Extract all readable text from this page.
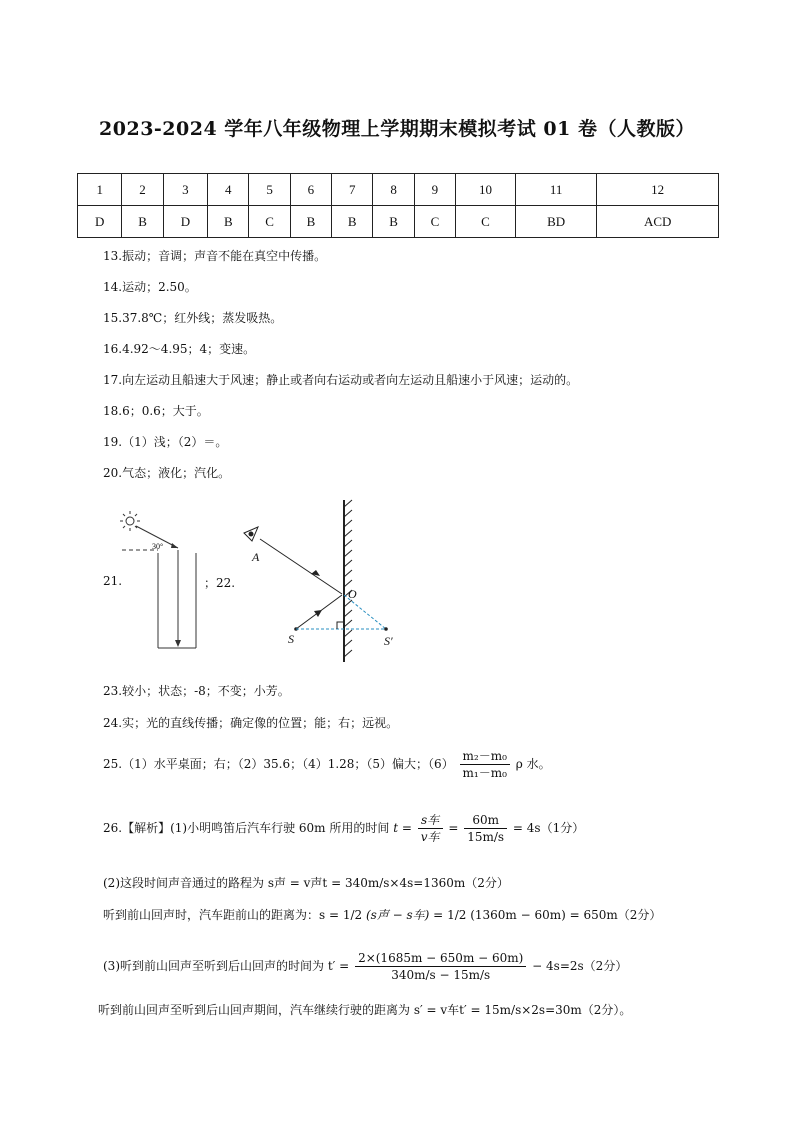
2023-2024 学年八年级物理上学期期末模拟考试 01 卷（人教版）
1	2	3	4	5	6	7	8	9	10	11	12
D	B	D	B	C	B	B	B	C	C	BD	ACD
13.振动；音调；声音不能在真空中传播。
14.运动；2.50。
15.37.8℃；红外线；蒸发吸热。
16.4.92～4.95；4；变速。
17.向左运动且船速大于风速；静止或者向右运动或者向左运动且船速小于风速；运动的。
18.6；0.6；大于。
19.（1）浅；（2）＝。
20.气态；液化；汽化。
21.	；22.
30°
A
O
S	S′
23.较小；状态；-8；不变；小芳。
24.实；光的直线传播；确定像的位置；能；右；远视。
25.（1）水平桌面；右；（2）35.6；（4）1.28；（5）偏大；$(6) \frac{\text{m₂－m₀}}{\text{m₁－m₀}}$ ρ 水。
26.【解析】(1)小明鸣笛后汽车行驶 60m 所用的时间 $t = \frac{\text{s车}}{\text{v车}} = \frac{60m}{15m/s} = 4s(1$分）
(2)这段时间声音通过的路程为 s声 = v声t = 340m/s×4s=1360m（2分）
听到前山回声时，汽车距前山的距离为：s = 1/2 (s声 − s车) = 1/2 (1360m − 60m) = 650m（2分）
(3)听到前山回声至听到后山回声的时间为 $t' = \frac{2\times(1685m - 650m - 60m)}{340m/s - 15m/s} - 4s=2s(2$分）
听到前山回声至听到后山回声期间，汽车继续行驶的距离为 s′ = v车t′ = 15m/s×2s=30m（2分）。
